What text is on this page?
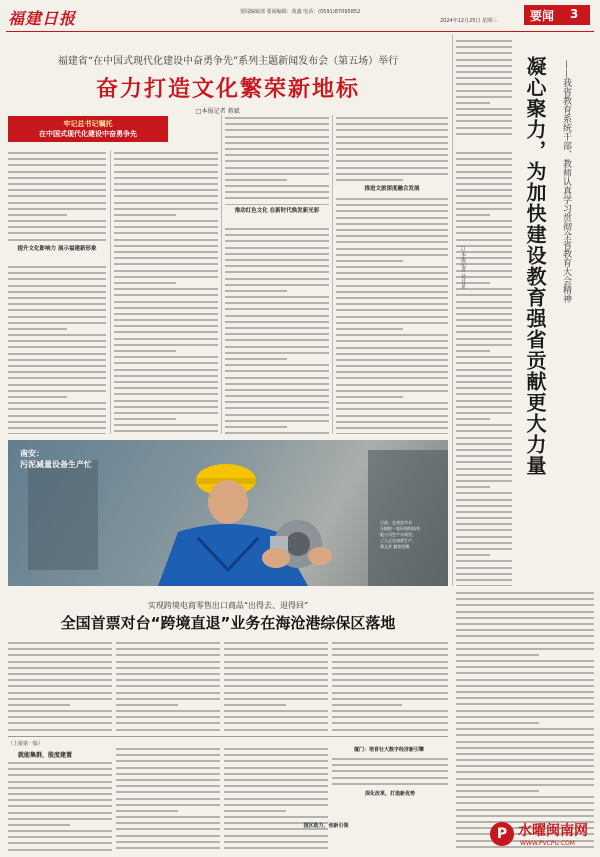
福建日报	要闻编辑部 要闻编辑：黄鑫 电话：(0591)87095852
2024年12月25日 星期三	要闻 3
福建省“在中国式现代化建设中奋勇争先”系列主题新闻发布会（第五场）举行
奋力打造文化繁荣新地标
□本报记者 蒋斌
牢记总书记嘱托
在中国式现代化建设中奋勇争先
提升文化影响力 展示福建新形象
推动红色文化 在新时代焕发新光彩
推进文旅深度融合发展
南安：
污泥减量设备生产忙	凝心聚力，为加快建设教育强省贡献更大力量 ——我省教育系统干部、教师认真学习贯彻全省教育大会精神
□本报记者 吴月星
日前，在南安市水
头镇的一家环保科技有
限公司生产车间里，
工人正在加紧生产。
郑文芳 翁家坚摄
实现跨境电商零售出口商品“出得去、退得回”
全国首票对台“跨境直退”业务在海沧港综保区落地
（上接第一版）
就能集群，殷度建置
厦门：培育壮大数字经济新引擎
深化改革，打造新优势
园区助力，创新引领	P 水曜闽南网
WWW.PVCPU.COM
